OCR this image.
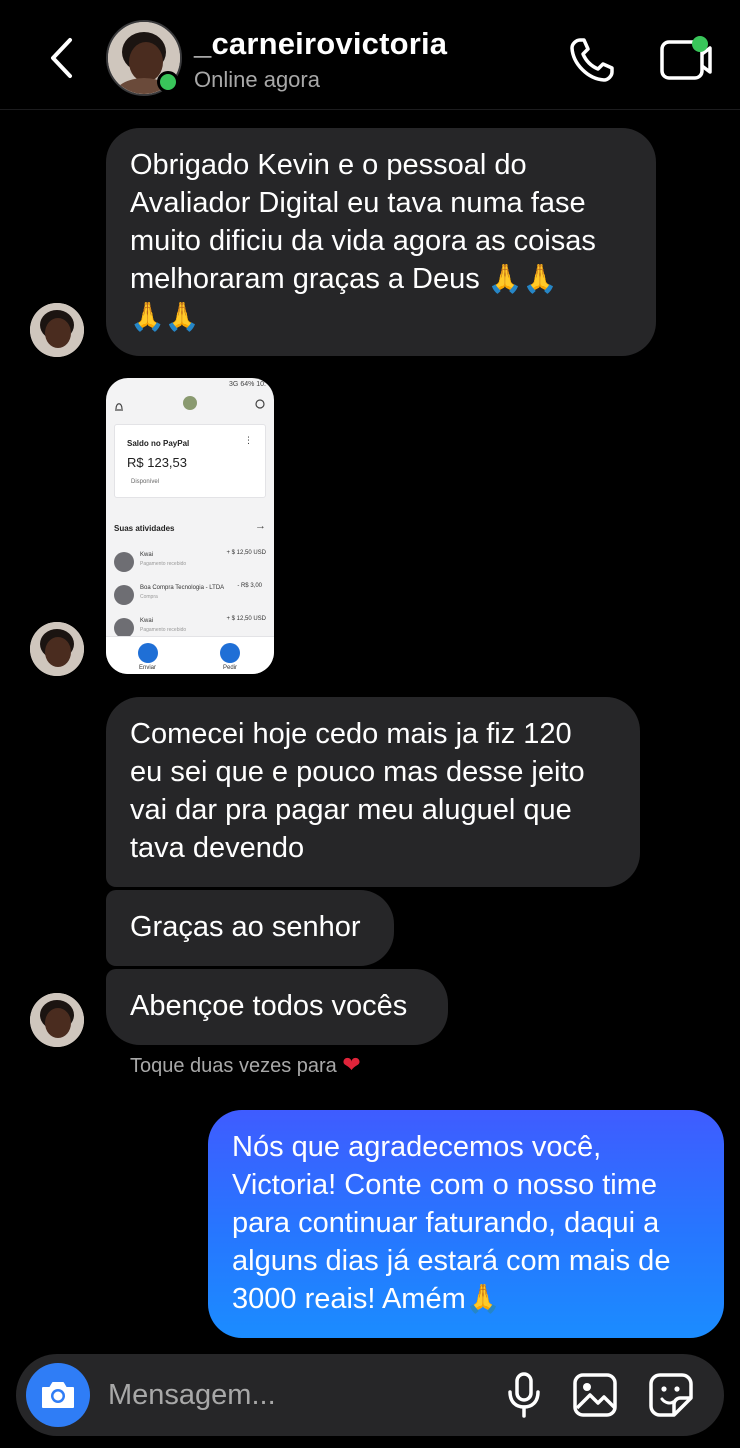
_carneirovictoria
Online agora
Obrigado Kevin e o pessoal do
Avaliador Digital eu tava numa fase
muito dificiu da vida agora as coisas
melhoraram graças a Deus 🙏🙏
🙏🙏
3G 64% 10:
Saldo no PayPal	⋮
R$ 123,53
Disponível
Suas atividades	→
Kwai
Pagamento recebido
+ $ 12,50 USD
Boa Compra Tecnologia - LTDA
Compra
- R$ 3,00
Kwai
Pagamento recebido
+ $ 12,50 USD
Enviar	Pedir
Comecei hoje cedo mais ja fiz 120
eu sei que e pouco mas desse jeito
vai dar pra pagar meu aluguel que
tava devendo
Graças ao senhor
Abençoe todos vocês
Toque duas vezes para ❤
Nós que agradecemos você,
Victoria! Conte com o nosso time
para continuar faturando, daqui a
alguns dias já estará com mais de
3000 reais! Amém🙏
Mensagem...
